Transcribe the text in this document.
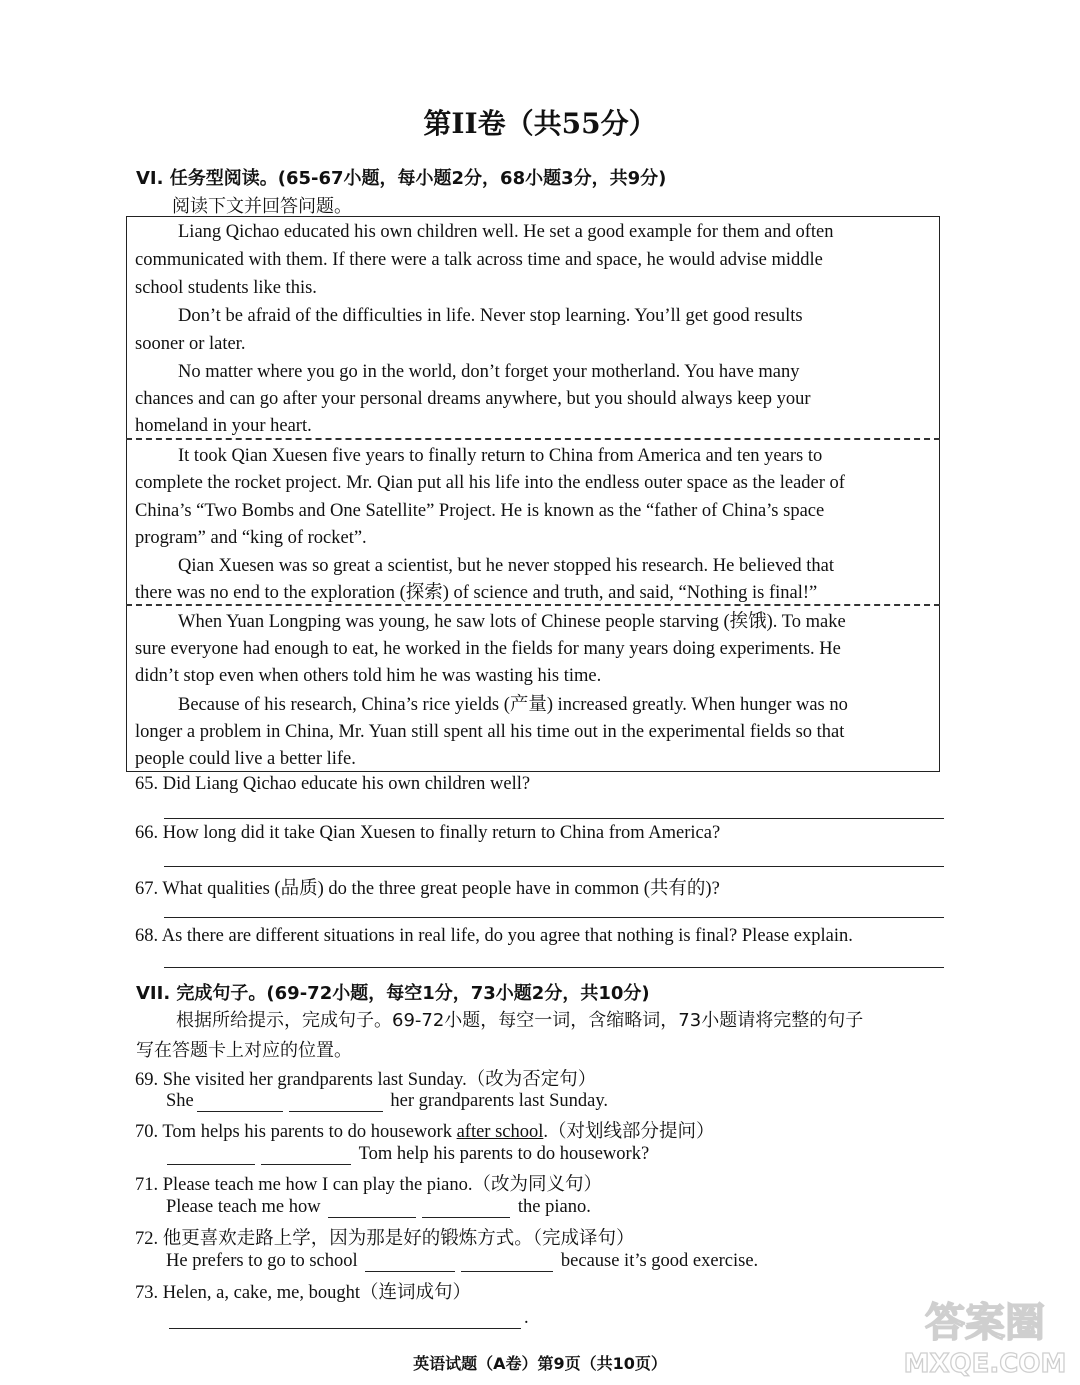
第II卷（共55分）
VI. 任务型阅读。(65-67小题，每小题2分，68小题3分，共9分)
阅读下文并回答问题。
Liang Qichao educated his own children well. He set a good example for them and often
communicated with them. If there were a talk across time and space, he would advise middle
school students like this.
Don’t be afraid of the difficulties in life. Never stop learning. You’ll get good results
sooner or later.
No matter where you go in the world, don’t forget your motherland. You have many
chances and can go after your personal dreams anywhere, but you should always keep your
homeland in your heart.
It took Qian Xuesen five years to finally return to China from America and ten years to
complete the rocket project. Mr. Qian put all his life into the endless outer space as the leader of
China’s “Two Bombs and One Satellite” Project. He is known as the “father of China’s space
program” and “king of rocket”.
Qian Xuesen was so great a scientist, but he never stopped his research. He believed that
there was no end to the exploration (探索) of science and truth, and said, “Nothing is final!”
When Yuan Longping was young, he saw lots of Chinese people starving (挨饿). To make
sure everyone had enough to eat, he worked in the fields for many years doing experiments. He
didn’t stop even when others told him he was wasting his time.
Because of his research, China’s rice yields (产量) increased greatly. When hunger was no
longer a problem in China, Mr. Yuan still spent all his time out in the experimental fields so that
people could live a better life.
65. Did Liang Qichao educate his own children well?
66. How long did it take Qian Xuesen to finally return to China from America?
67. What qualities (品质) do the three great people have in common (共有的)?
68. As there are different situations in real life, do you agree that nothing is final? Please explain.
VII. 完成句子。(69-72小题，每空1分，73小题2分，共10分)
根据所给提示，完成句子。69-72小题，每空一词，含缩略词，73小题请将完整的句子
写在答题卡上对应的位置。
69. She visited her grandparents last Sunday.（改为否定句）
She	her grandparents last Sunday.
70. Tom helps his parents to do housework after school.（对划线部分提问）
Tom help his parents to do housework?
71. Please teach me how I can play the piano.（改为同义句）
Please teach me how	the piano.
72. 他更喜欢走路上学，因为那是好的锻炼方式。（完成译句）
He prefers to go to school	because it’s good exercise.
73. Helen, a, cake, me, bought（连词成句）
.
英语试题（A卷）第9页（共10页）
答案圈
MXQE.COM
